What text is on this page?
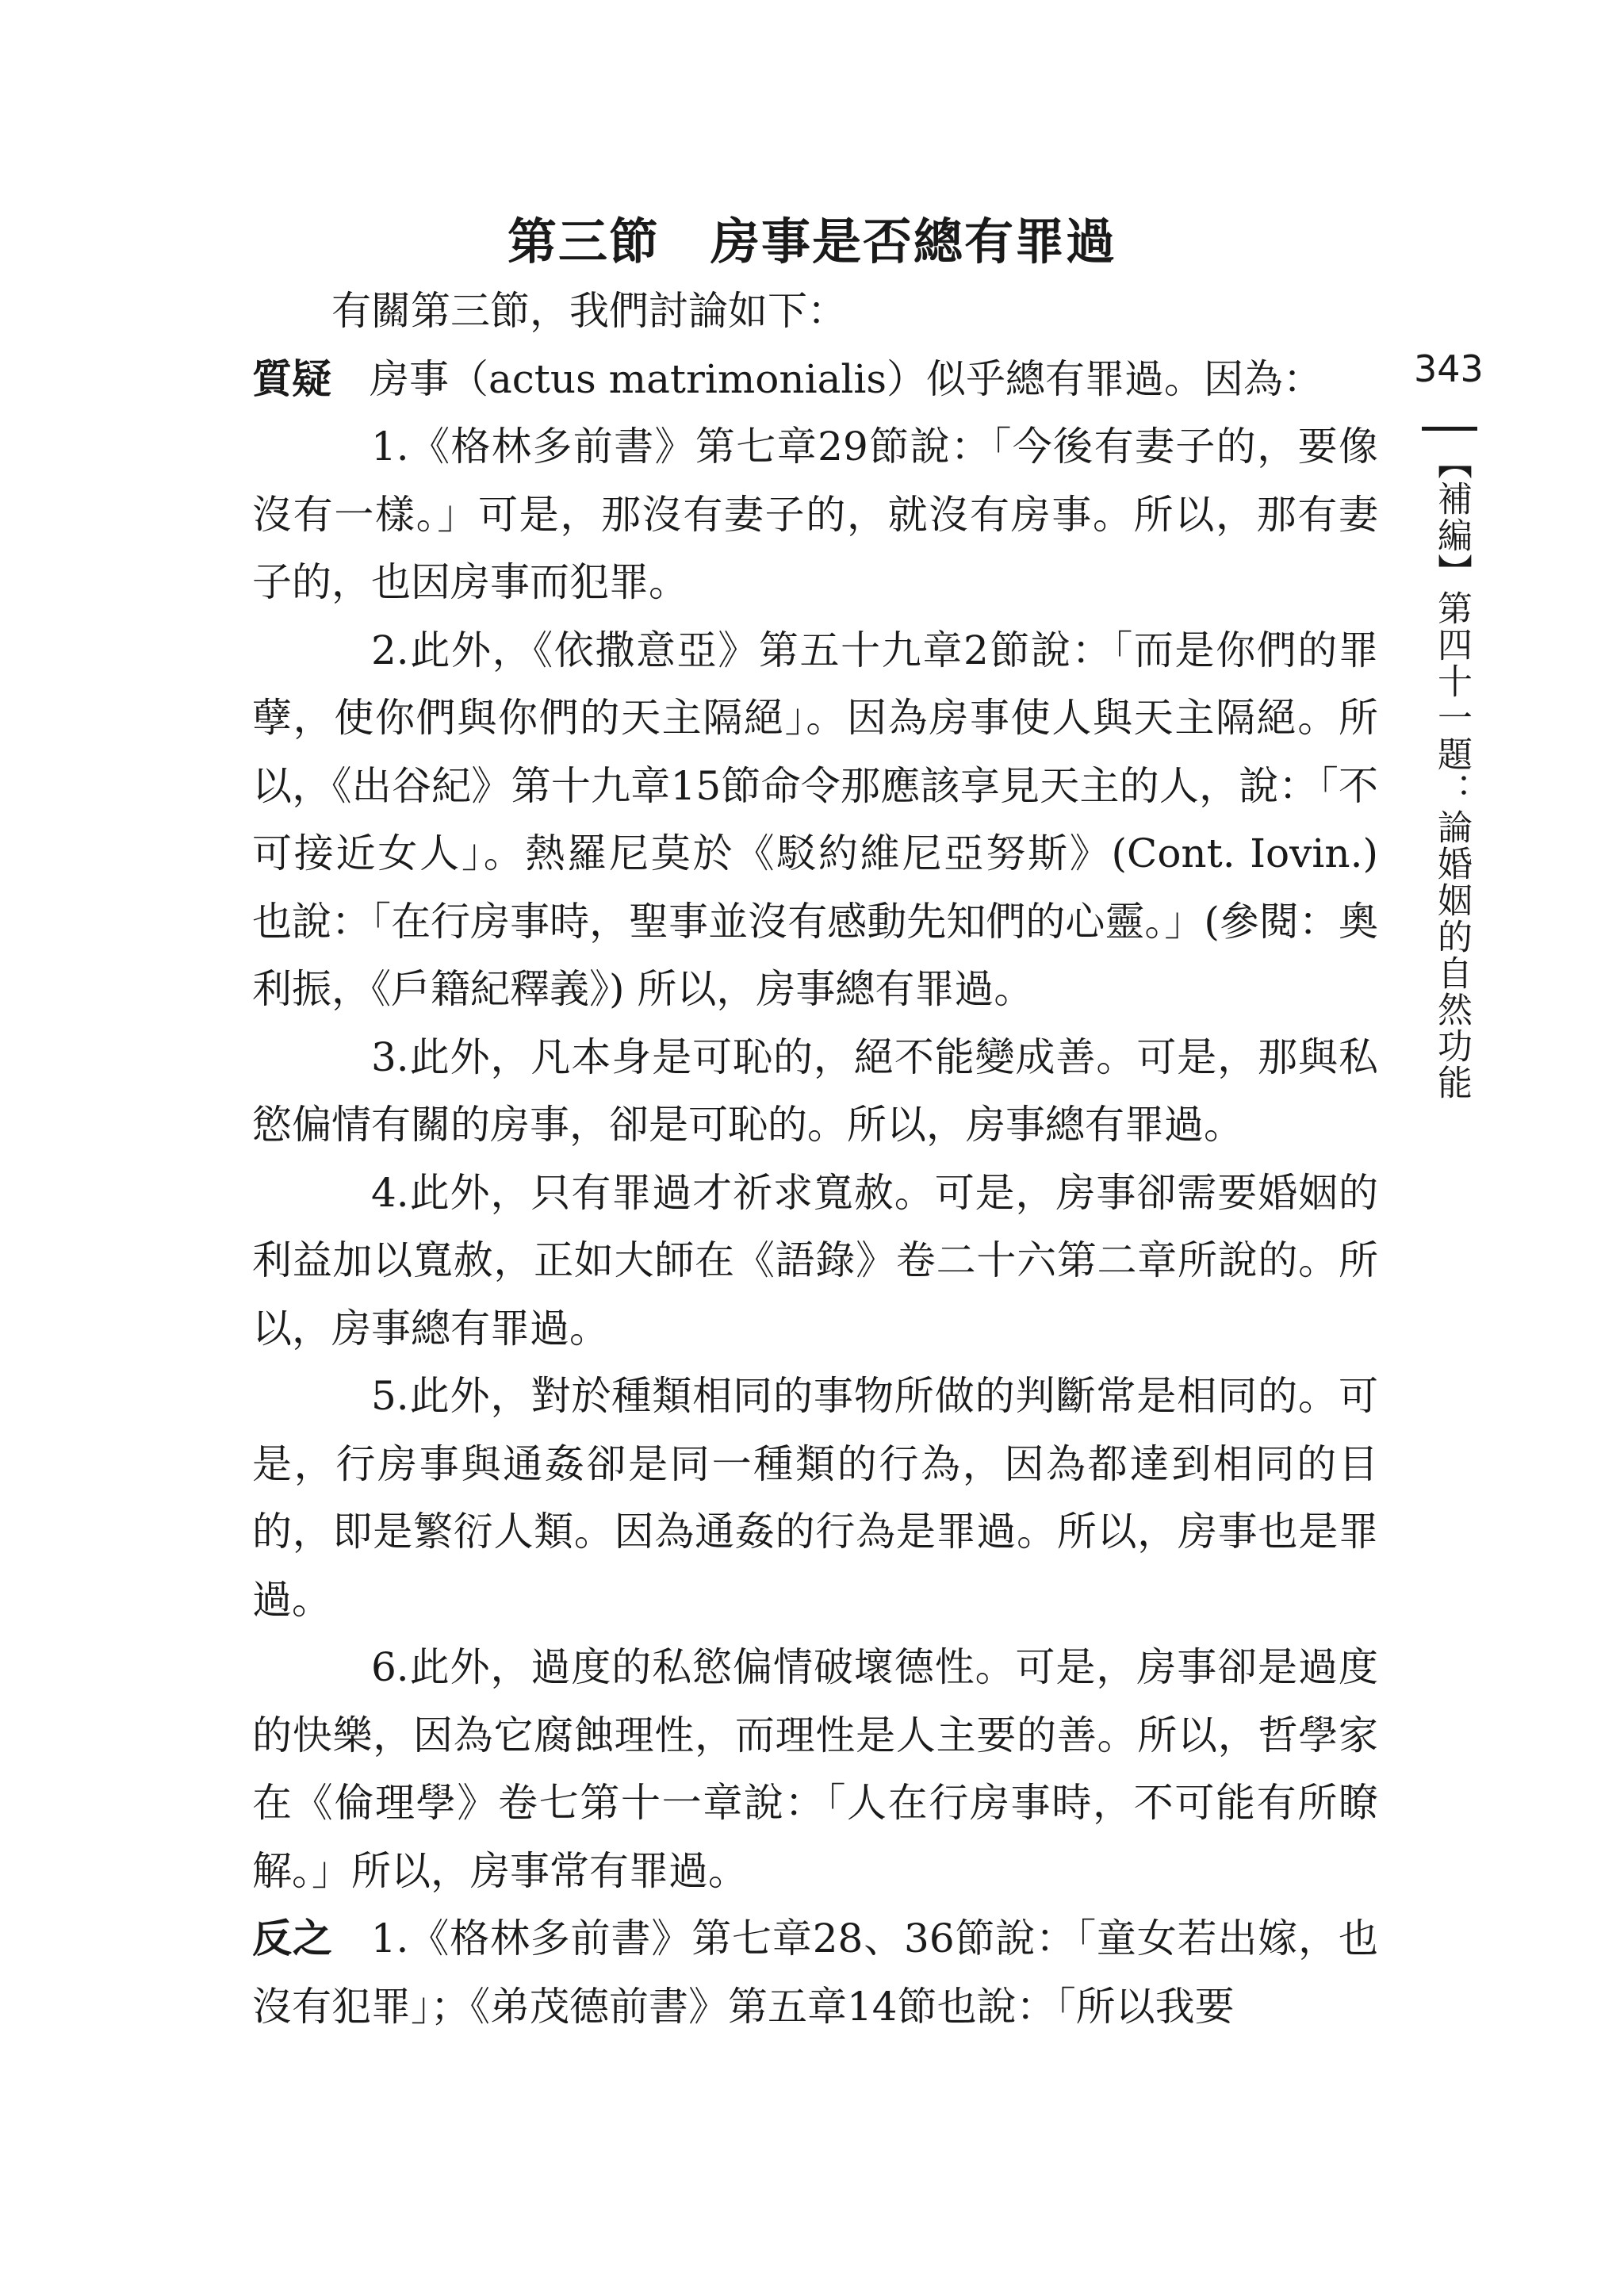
第三節　房事是否總有罪過

有關第三節，我們討論如下：

質疑 房事（actus matrimonialis）似乎總有罪過。因為：

1.《格林多前書》第七章29節說：「今後有妻子的，要像沒有一樣。」可是，那沒有妻子的，就沒有房事。所以，那有妻子的，也因房事而犯罪。

2.此外，《依撒意亞》第五十九章2節說：「而是你們的罪孽，使你們與你們的天主隔絕」。因為房事使人與天主隔絕。所以，《出谷紀》第十九章15節命令那應該享見天主的人，說：「不可接近女人」。熱羅尼莫於《駁約維尼亞努斯》(Cont. Iovin.) 也說：「在行房事時，聖事並沒有感動先知們的心靈。」(參閱：奧利振，《戶籍紀釋義》) 所以，房事總有罪過。

3.此外，凡本身是可恥的，絕不能變成善。可是，那與私慾偏情有關的房事，卻是可恥的。所以，房事總有罪過。

4.此外，只有罪過才祈求寬赦。可是，房事卻需要婚姻的利益加以寬赦，正如大師在《語錄》卷二十六第二章所說的。所以，房事總有罪過。

5.此外，對於種類相同的事物所做的判斷常是相同的。可是，行房事與通姦卻是同一種類的行為，因為都達到相同的目的，即是繁衍人類。因為通姦的行為是罪過。所以，房事也是罪過。

6.此外，過度的私慾偏情破壞德性。可是，房事卻是過度的快樂，因為它腐蝕理性，而理性是人主要的善。所以，哲學家在《倫理學》卷七第十一章說：「人在行房事時，不可能有所瞭解。」所以，房事常有罪過。

反之 1.《格林多前書》第七章28、36節說：「童女若出嫁，也沒有犯罪」；《弟茂德前書》第五章14節也說：「所以我要

343
【補編】第四十一題：論婚姻的自然功能
